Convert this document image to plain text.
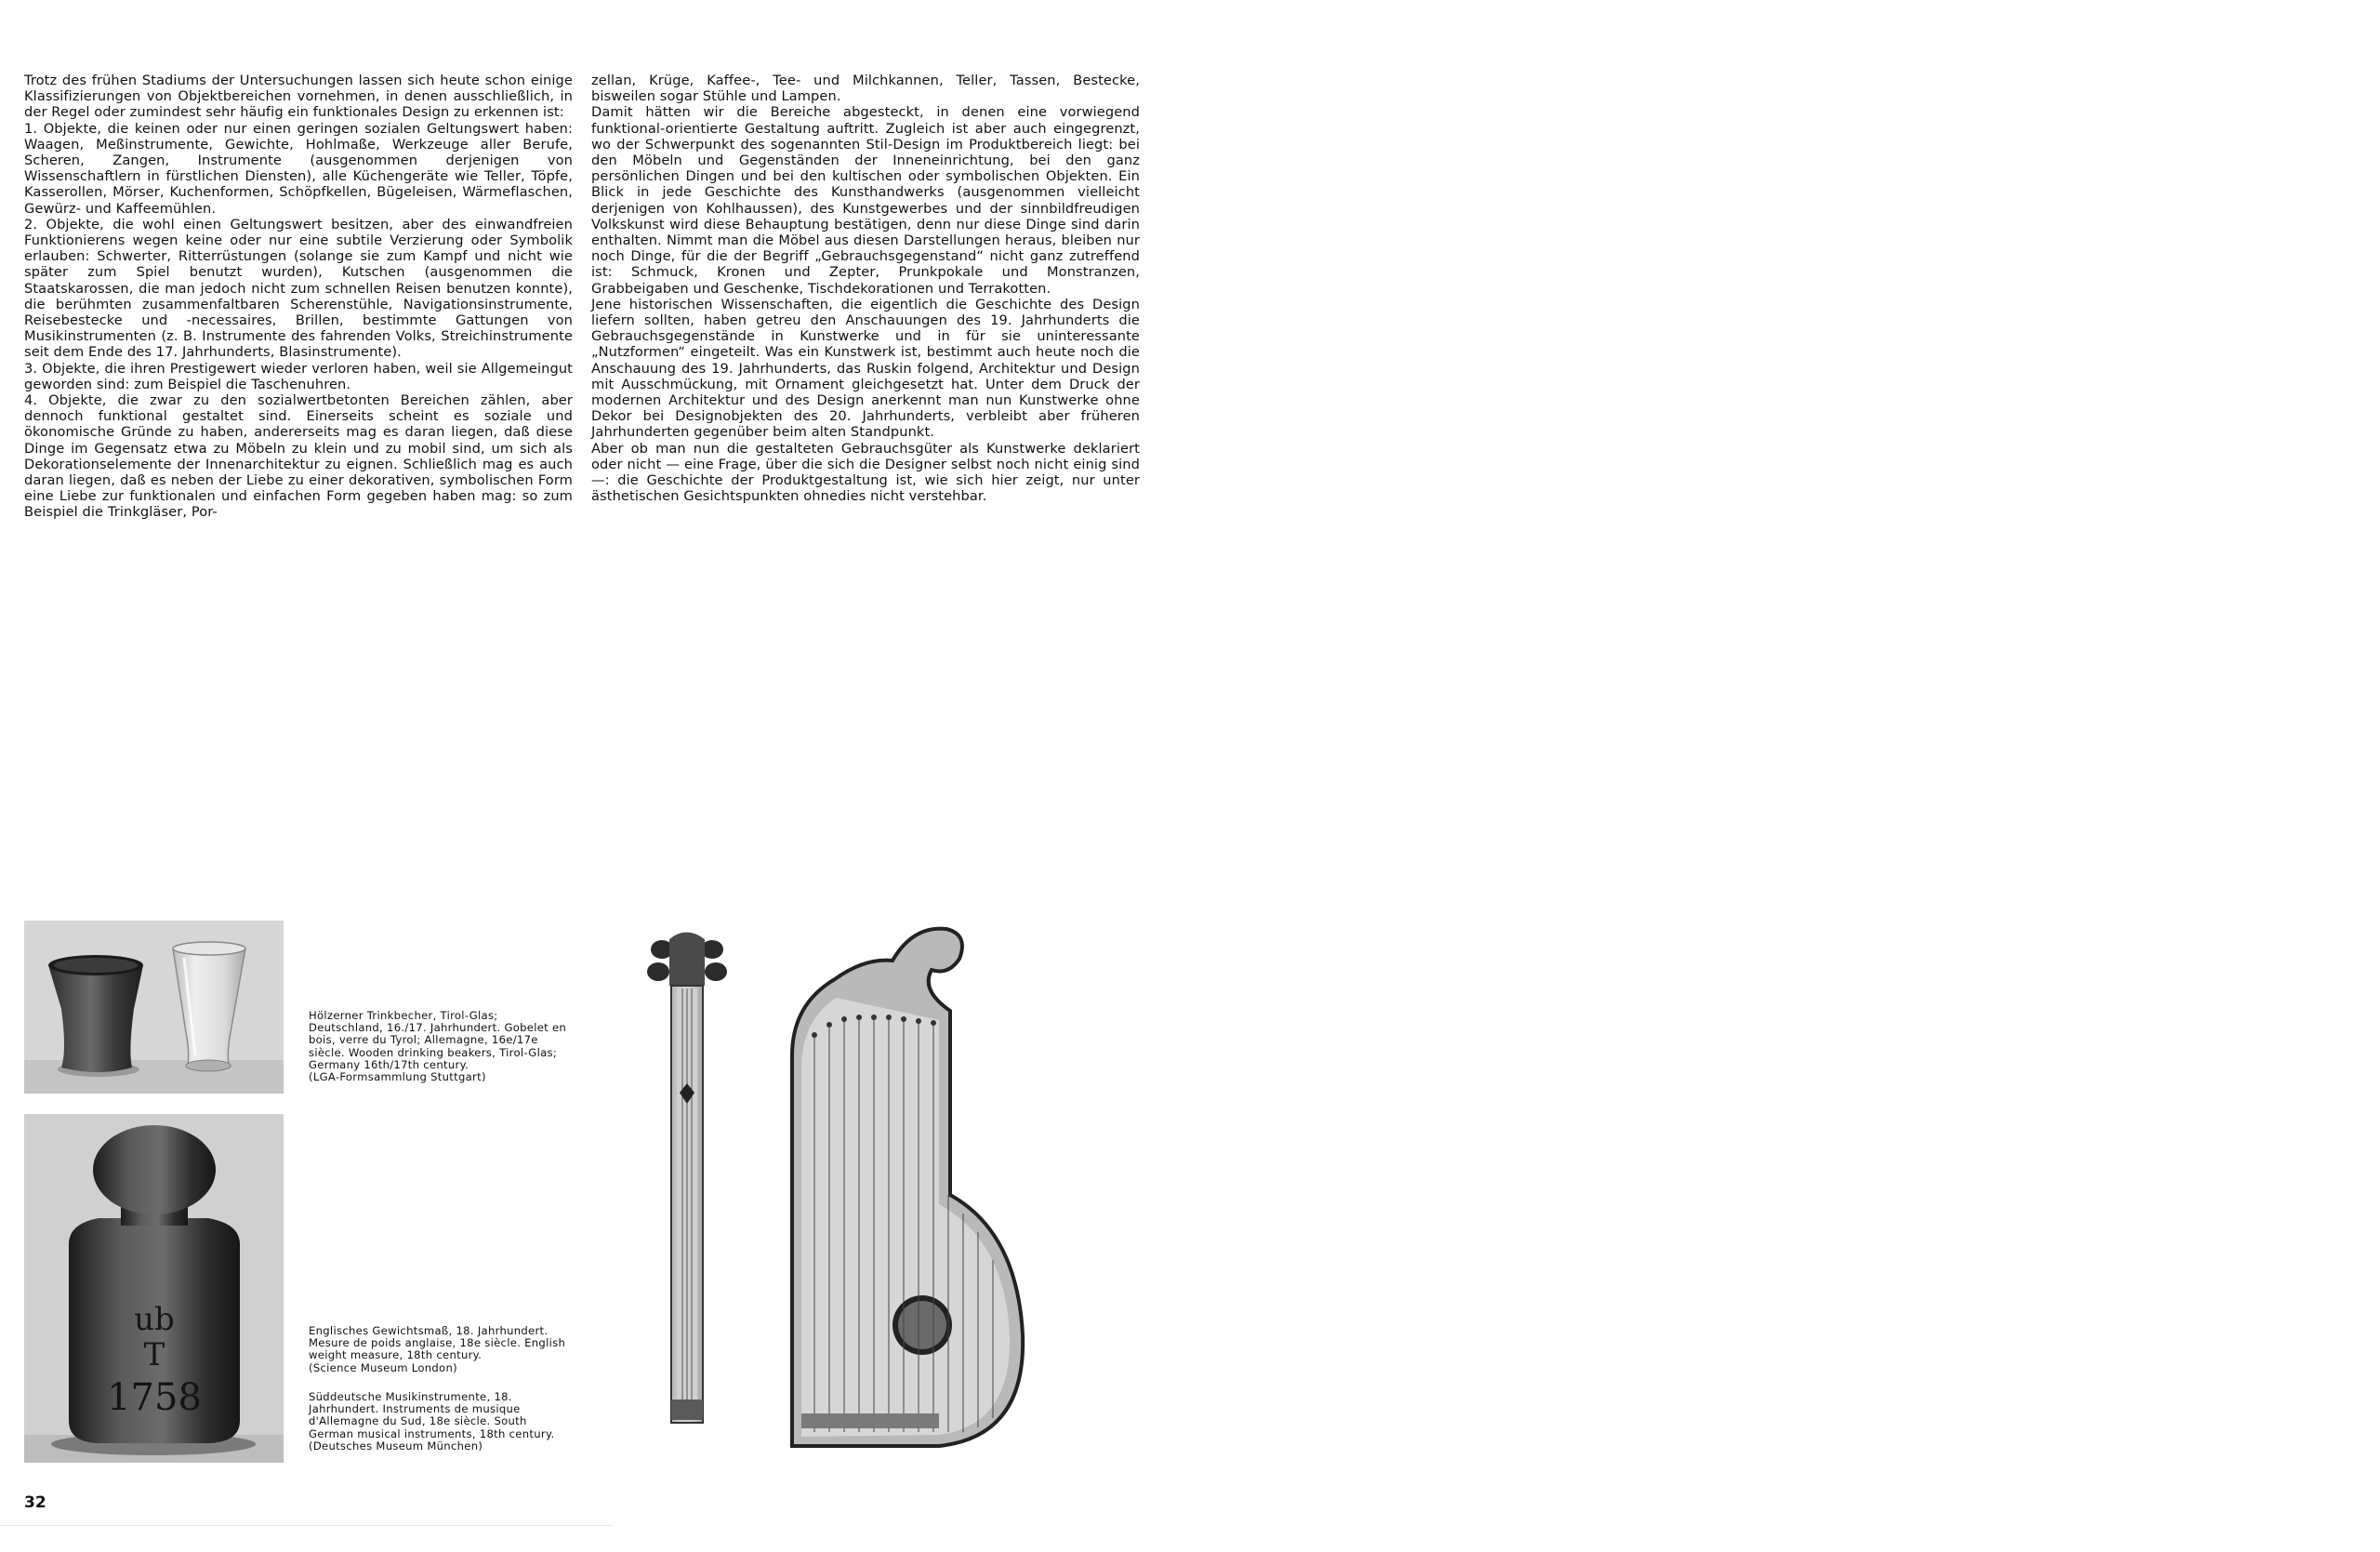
Trotz des frühen Stadiums der Untersuchungen lassen sich heute schon einige Klassifizierungen von Objektbereichen vornehmen, in denen ausschließlich, in der Regel oder zumindest sehr häufig ein funktionales Design zu erkennen ist:

1. Objekte, die keinen oder nur einen geringen sozialen Geltungswert haben: Waagen, Meßinstrumente, Gewichte, Hohlmaße, Werkzeuge aller Berufe, Scheren, Zangen, Instrumente (ausgenommen derjenigen von Wissenschaftlern in fürstlichen Diensten), alle Küchengeräte wie Teller, Töpfe, Kasserollen, Mörser, Kuchenformen, Schöpfkellen, Bügeleisen, Wärmeflaschen, Gewürz- und Kaffeemühlen.

2. Objekte, die wohl einen Geltungswert besitzen, aber des einwandfreien Funktionierens wegen keine oder nur eine subtile Verzierung oder Symbolik erlauben: Schwerter, Ritterrüstungen (solange sie zum Kampf und nicht wie später zum Spiel benutzt wurden), Kutschen (ausgenommen die Staatskarossen, die man jedoch nicht zum schnellen Reisen benutzen konnte), die berühmten zusammenfaltbaren Scherenstühle, Navigationsinstrumente, Reisebestecke und -necessaires, Brillen, bestimmte Gattungen von Musikinstrumenten (z. B. Instrumente des fahrenden Volks, Streichinstrumente seit dem Ende des 17. Jahrhunderts, Blasinstrumente).

3. Objekte, die ihren Prestigewert wieder verloren haben, weil sie Allgemeingut geworden sind: zum Beispiel die Taschenuhren.

4. Objekte, die zwar zu den sozialwertbetonten Bereichen zählen, aber dennoch funktional gestaltet sind. Einerseits scheint es soziale und ökonomische Gründe zu haben, andererseits mag es daran liegen, daß diese Dinge im Gegensatz etwa zu Möbeln zu klein und zu mobil sind, um sich als Dekorationselemente der Innenarchitektur zu eignen. Schließlich mag es auch daran liegen, daß es neben der Liebe zu einer dekorativen, symbolischen Form eine Liebe zur funktionalen und einfachen Form gegeben haben mag: so zum Beispiel die Trinkgläser, Por-

zellan, Krüge, Kaffee-, Tee- und Milchkannen, Teller, Tassen, Bestecke, bisweilen sogar Stühle und Lampen.

Damit hätten wir die Bereiche abgesteckt, in denen eine vorwiegend funktional-orientierte Gestaltung auftritt. Zugleich ist aber auch eingegrenzt, wo der Schwerpunkt des sogenannten Stil-Design im Produktbereich liegt: bei den Möbeln und Gegenständen der Inneneinrichtung, bei den ganz persönlichen Dingen und bei den kultischen oder symbolischen Objekten. Ein Blick in jede Geschichte des Kunsthandwerks (ausgenommen vielleicht derjenigen von Kohlhaussen), des Kunstgewerbes und der sinnbildfreudigen Volkskunst wird diese Behauptung bestätigen, denn nur diese Dinge sind darin enthalten. Nimmt man die Möbel aus diesen Darstellungen heraus, bleiben nur noch Dinge, für die der Begriff „Gebrauchsgegenstand“ nicht ganz zutreffend ist: Schmuck, Kronen und Zepter, Prunkpokale und Monstranzen, Grabbeigaben und Geschenke, Tischdekorationen und Terrakotten.

Jene historischen Wissenschaften, die eigentlich die Geschichte des Design liefern sollten, haben getreu den Anschauungen des 19. Jahrhunderts die Gebrauchsgegenstände in Kunstwerke und in für sie uninteressante „Nutzformen“ eingeteilt. Was ein Kunstwerk ist, bestimmt auch heute noch die Anschauung des 19. Jahrhunderts, das Ruskin folgend, Architektur und Design mit Ausschmückung, mit Ornament gleichgesetzt hat. Unter dem Druck der modernen Architektur und des Design anerkennt man nun Kunstwerke ohne Dekor bei Designobjekten des 20. Jahrhunderts, verbleibt aber früheren Jahrhunderten gegenüber beim alten Standpunkt.

Aber ob man nun die gestalteten Gebrauchsgüter als Kunstwerke deklariert oder nicht — eine Frage, über die sich die Designer selbst noch nicht einig sind —: die Geschichte der Produktgestaltung ist, wie sich hier zeigt, nur unter ästhetischen Gesichtspunkten ohnedies nicht verstehbar.

ub
T
1758
Hölzerner Trinkbecher, Tirol-Glas; Deutschland, 16./17. Jahrhundert. Gobelet en bois, verre du Tyrol; Allemagne, 16e/17e siècle. Wooden drinking beakers, Tirol-Glas; Germany 16th/17th century.
(LGA-Formsammlung Stuttgart)
Englisches Gewichtsmaß, 18. Jahrhundert. Mesure de poids anglaise, 18e siècle. English weight measure, 18th century.
(Science Museum London)
Süddeutsche Musikinstrumente, 18. Jahrhundert. Instruments de musique d'Allemagne du Sud, 18e siècle. South German musical instruments, 18th century.
(Deutsches Museum München)
32
